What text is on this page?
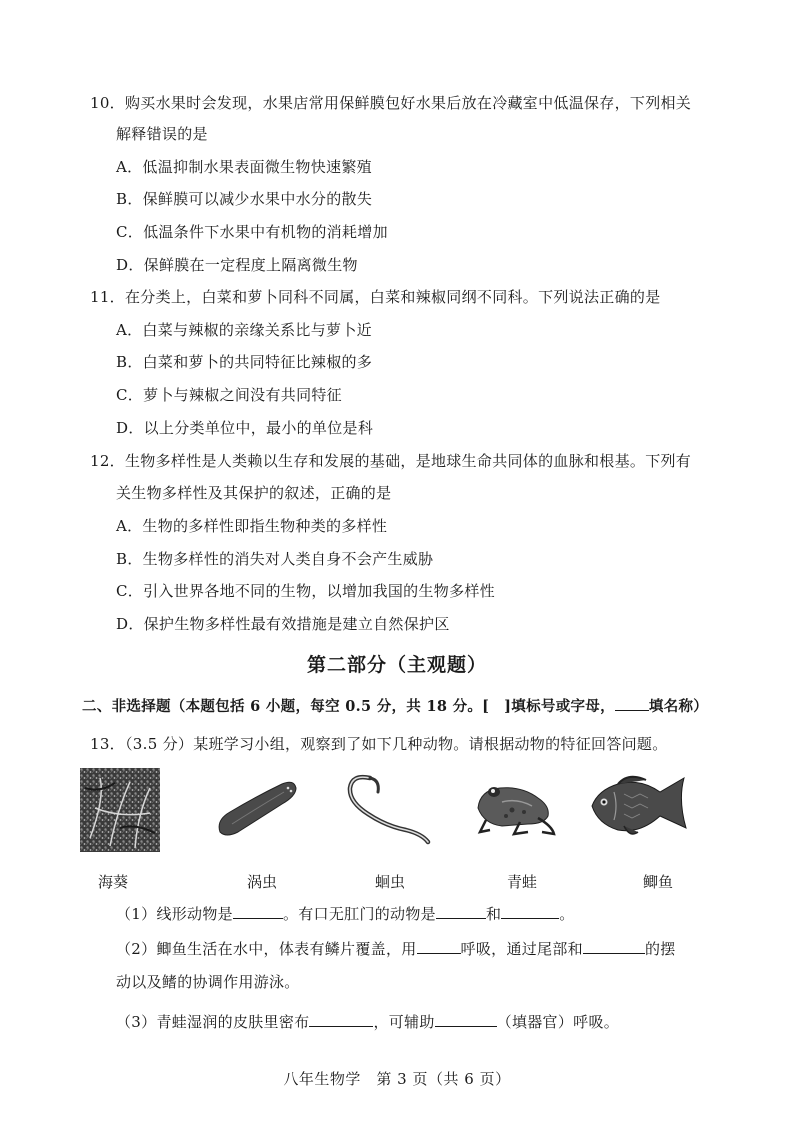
10．购买水果时会发现，水果店常用保鲜膜包好水果后放在冷藏室中低温保存，下列相关
解释错误的是
A．低温抑制水果表面微生物快速繁殖
B．保鲜膜可以减少水果中水分的散失
C．低温条件下水果中有机物的消耗增加
D．保鲜膜在一定程度上隔离微生物
11．在分类上，白菜和萝卜同科不同属，白菜和辣椒同纲不同科。下列说法正确的是
A．白菜与辣椒的亲缘关系比与萝卜近
B．白菜和萝卜的共同特征比辣椒的多
C．萝卜与辣椒之间没有共同特征
D．以上分类单位中，最小的单位是科
12．生物多样性是人类赖以生存和发展的基础，是地球生命共同体的血脉和根基。下列有
关生物多样性及其保护的叙述，正确的是
A．生物的多样性即指生物种类的多样性
B．生物多样性的消失对人类自身不会产生威胁
C．引入世界各地不同的生物，以增加我国的生物多样性
D．保护生物多样性最有效措施是建立自然保护区
第二部分（主观题）
二、非选择题（本题包括 6 小题，每空 0.5 分，共 18 分。[　]填标号或字母， 填名称）
13．（3.5 分）某班学习小组，观察到了如下几种动物。请根据动物的特征回答问题。
海葵	涡虫	蛔虫	青蛙	鲫鱼
（1）线形动物是	。有口无肛门的动物是	和	。
（2）鲫鱼生活在水中，体表有鳞片覆盖，用	呼吸，通过尾部和	的摆
动以及鳍的协调作用游泳。
（3）青蛙湿润的皮肤里密布	，可辅助	（填器官）呼吸。
八年生物学　第 3 页（共 6 页）
